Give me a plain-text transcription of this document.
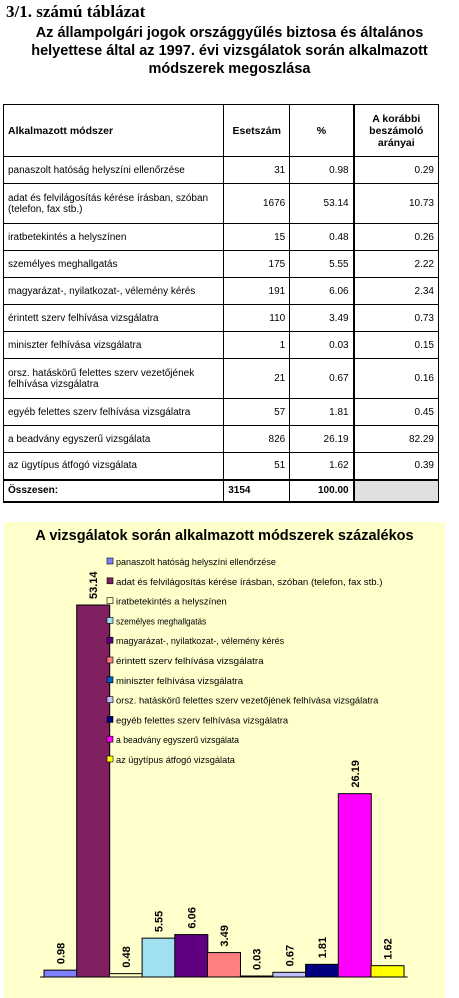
3/1. számú táblázat
Az állampolgári jogok országgyűlés biztosa és általános
helyettese által az 1997. évi vizsgálatok során alkalmazott
módszerek megoszlása
Alkalmazott módszer	Esetszám	%	A korábbi beszámoló arányai
panaszolt hatóság helyszíni ellenőrzése	31	0.98	0.29
adat és felvilágosítás kérése írásban, szóban (telefon, fax stb.)	1676	53.14	10.73
iratbetekintés a helyszínen	15	0.48	0.26
személyes meghallgatás	175	5.55	2.22
magyarázat-, nyilatkozat-, vélemény kérés	191	6.06	2.34
érintett szerv felhívása vizsgálatra	110	3.49	0.73
miniszter felhívása vizsgálatra	1	0.03	0.15
orsz. hatáskörű felettes szerv vezetőjének felhívása vizsgálatra	21	0.67	0.16
egyéb felettes szerv felhívása vizsgálatra	57	1.81	0.45
a beadvány egyszerű vizsgálata	826	26.19	82.29
az ügytípus átfogó vizsgálata	51	1.62	0.39
Összesen:	3154	100.00	
A vizsgálatok során alkalmazott módszerek százalékos
0.98
53.14
0.48
5.55 6.06
3.49
0.03 0.67 1.81
26.19
1.62
panaszolt hatóság helyszíni ellenőrzése
adat és felvilágosítás kérése írásban, szóban (telefon, fax stb.)
iratbetekintés a helyszínen
személyes meghallgatás
magyarázat-, nyilatkozat-, vélemény kérés
érintett szerv felhívása vizsgálatra
miniszter felhívása vizsgálatra
orsz. hatáskörű felettes szerv vezetőjének felhívása vizsgálatra
egyéb felettes szerv felhívása vizsgálatra
a beadvány egyszerű vizsgálata
az ügytípus átfogó vizsgálata
